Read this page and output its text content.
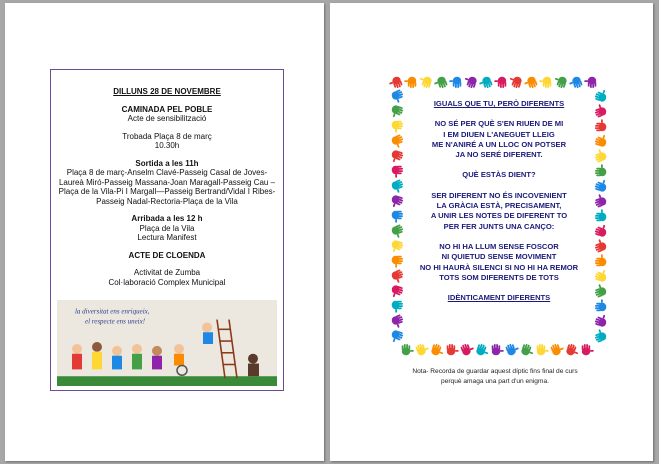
DILLUNS 28 DE NOVEMBRE
CAMINADA PEL POBLE
Acte de sensibilització
Trobada Plaça 8 de març
10.30h
Sortida a les 11h
Plaça 8 de març-Anselm Clavé-Passeig Casal de Joves-Laureà Miró-Passeig Massana-Joan Maragall-Passeig Cau –Plaça de la Vila-Pi I Margall—Passeig Bertrand/Vidal I Ribes-Passeig Nadal-Rectoria-Plaça de la Vila
Arribada a les 12 h
Plaça de la Vila
Lectura Manifest
ACTE DE CLOENDA
Activitat de Zumba
Col·laboració Complex Municipal
la diversitat ens enriqueix,
el respecte ens uneix!
IGUALS QUE TU, PERÒ DIFERENTS
NO SÉ PER QUÈ S'EN RIUEN DE MI
I EM DIUEN L'ANEGUET LLEIG
ME N'ANIRÉ A UN LLOC ON POTSER
JA NO SERÉ DIFERENT.
QUÈ ESTÀS DIENT?
SER DIFERENT NO ÉS INCOVENIENT
LA GRÀCIA ESTÀ, PRECISAMENT,
A UNIR LES NOTES DE DIFERENT TO
PER FER JUNTS UNA CANÇO:
NO HI HA LLUM SENSE FOSCOR
NI QUIETUD SENSE MOVIMENT
NO HI HAURÀ SILENCI SI NO HI HA REMOR
TOTS SOM DIFERENTS DE TOTS
IDÈNTICAMENT DIFERENTS
Nota- Recorda de guardar aquest díptic fins final de curs
perquè amaga una part d'un enigma.
